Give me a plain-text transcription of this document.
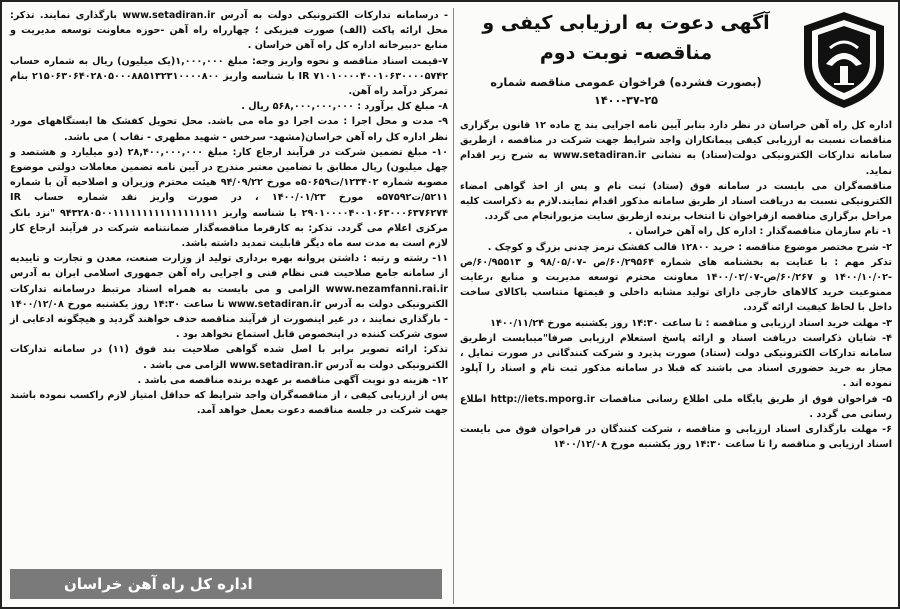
آگهی دعوت به ارزیابی کیفی و
مناقصه- نوبت دوم
(بصورت فشرده) فراخوان عمومی مناقصه شماره ۲۵-۳۷-۱۴۰۰

اداره کل راه آهن خراسان در نظر دارد بنابر آیین نامه اجرایی بند ج ماده ۱۲ قانون برگزاری مناقصات نسبت به ارزیابی کیفی پیمانکاران واجد شرایط جهت شرکت در مناقصه ، ازطریق سامانه تدارکات الکترونیکی دولت(ستاد) به نشانی www.setadiran.ir به شرح زیر اقدام نماید.

مناقصه‌گران می بایست در سامانه فوق (ستاد) ثبت نام و پس از اخذ گواهی امضاء الکترونیکی نسبت به دریافت اسناد از طریق سامانه مذکور اقدام نمایند.لازم به ذکراست کلیه مراحل برگزاری مناقصه ازفراخوان تا انتخاب برنده ازطریق سایت مزبورانجام می گردد.

۱- نام سازمان مناقصه‌گذار : اداره کل راه آهن خراسان .

۲- شرح مختصر موضوع مناقصه : خرید ۱۲۸۰۰ قالب کفشک ترمز چدنی بزرگ و کوچک .

تذکر مهم : با عنایت به بخشنامه های شماره ۶۰/۲۹۵۶۴/ص -۹۸/۰۵/۰۷ و ۶۰/۹۵۵۱۳/ص -۱۴۰۰/۱۰/۰۲ و ۶۰/۲۶۷/ص-۱۴۰۰/۰۲/۰۷ معاونت محترم توسعه مدیریت و منابع ،رعایت ممنوعیت خرید کالاهای خارجی دارای تولید مشابه داخلی و قیمتها متناسب باکالای ساخت داخل با لحاظ کیفیت ارائه گردد.

۳- مهلت خرید اسناد ارزیابی و مناقصه : تا ساعت ۱۴:۳۰ روز یکشنبه مورخ ۱۴۰۰/۱۱/۲۴

۴- شایان ذکراست دریافت اسناد و ارائه پاسخ استعلام ارزیابی صرفا"میبایست ازطریق سامانه تدارکات الکترونیکی دولت (ستاد) صورت پذیرد و شرکت کنندگانی در صورت تمایل ، مجاز به خرید حضوری اسناد می باشند که قبلا در سامانه مذکور ثبت نام و اسناد را آپلود نموده اند .

۵- فراخوان فوق از طریق پایگاه ملی اطلاع رسانی مناقصات http://iets.mporg.ir اطلاع رسانی می گردد .

۶- مهلت بارگذاری اسناد ارزیابی و مناقصه ، شرکت کنندگان در فراخوان فوق می بایست اسناد ارزیابی و مناقصه را تا ساعت ۱۴:۳۰ روز یکشنبه مورخ ۱۴۰۰/۱۲/۰۸

- درسامانه تدارکات الکترونیکی دولت به آدرس www.setadiran.ir بارگذاری نمایند. تذکر: محل ارائه پاکت (الف) صورت فیزیکی ؛ چهارراه راه آهن -حوزه معاونت توسعه مدیریت و منابع -دبیرخانه اداره کل راه آهن خراسان .

۷-قیمت اسناد مناقصه و نحوه واریز وجه: مبلغ ۱,۰۰۰,۰۰۰(یک میلیون) ریال به شماره حساب IR ۷۱۰۱۰۰۰۰۴۰۰۱۰۶۳۰۰۰۰۵۷۴۲ با شناسه واریز ۲۱۵۰۶۳۰۶۴۰۲۸۰۵۰۰۰۸۸۵۱۳۲۳۱۰۰۰۰۸۰۰ بنام تمرکز درآمد راه آهن.

۸- مبلغ کل برآورد : ۵۶۸,۰۰۰,۰۰۰,۰۰۰ ریال .

۹- مدت و محل اجرا : مدت اجرا دو ماه می باشد. محل تحویل کفشک ها ایستگاههای مورد نظر اداره کل راه آهن خراسان(مشهد- سرخس - شهید مطهری - نقاب ) می باشد.

۱۰- مبلغ تضمین شرکت در فرآیند ارجاع کار: مبلغ ۲۸,۴۰۰,۰۰۰,۰۰۰ (دو میلیارد و هشتصد و چهل میلیون) ریال مطابق با تضامین معتبر مندرج در آیین نامه تضمین معاملات دولتی موضوع مصوبه شماره ۱۲۳۴۰۲/ت۵۰۶۵۹ه مورخ ۹۴/۰۹/۲۲ هیئت محترم وزیران و اصلاحیه آن با شماره ۵۲۱۱/ت۵۷۵۹۲ه مورخ ۱۴۰۰/۰۱/۲۳ ، در صورت واریز نقد شماره حساب IR ۲۹۰۱۰۰۰۰۴۰۰۱۰۶۳۰۰۰۶۳۷۶۲۷۴ با شناسه واریز ۹۴۳۲۸۰۵۰۰۱۱۱۱۱۱۱۱۱۱۱۱۱۱۱۱۱۱ "نزد بانک مرکزی اعلام می گردد. تذکر: به کارفرما مناقصه‌گذار ضمانتنامه شرکت در فرآیند ارجاع کار لازم است به مدت سه ماه دیگر قابلیت تمدید داشته باشد.

۱۱- رشته و رتبه : داشتن پروانه بهره برداری تولید از وزارت صنعت، معدن و تجارت و تاییدیه از سامانه جامع صلاحیت فنی نظام فنی و اجرایی راه آهن جمهوری اسلامی ایران به آدرس www.nezamfanni.rai.ir الزامی و می بایست به همراه اسناد مرتبط درسامانه تدارکات الکترونیکی دولت به آدرس www.setadiran.ir تا ساعت ۱۴:۳۰ روز یکشنبه مورخ ۱۴۰۰/۱۲/۰۸ - بارگذاری نمایند ، در غیر اینصورت از فرآیند مناقصه حذف خواهند گردید و هیچگونه ادعایی از سوی شرکت کننده در اینخصوص قابل استماع نخواهد بود .

تذکر: ارائه تصویر برابر با اصل شده گواهی صلاحیت بند فوق (۱۱) در سامانه تدارکات الکترونیکی دولت به آدرس www.setadiran.ir الزامی می باشد .

۱۲- هزینه دو نوبت آگهی مناقصه بر عهده برنده مناقصه می باشد .

پس از ارزیابی کیفی ، از مناقصه‌گران واجد شرایط که حداقل امتیاز لازم راکسب نموده باشند جهت شرکت در جلسه مناقصه دعوت بعمل خواهد آمد.

اداره کل راه آهن خراسان
